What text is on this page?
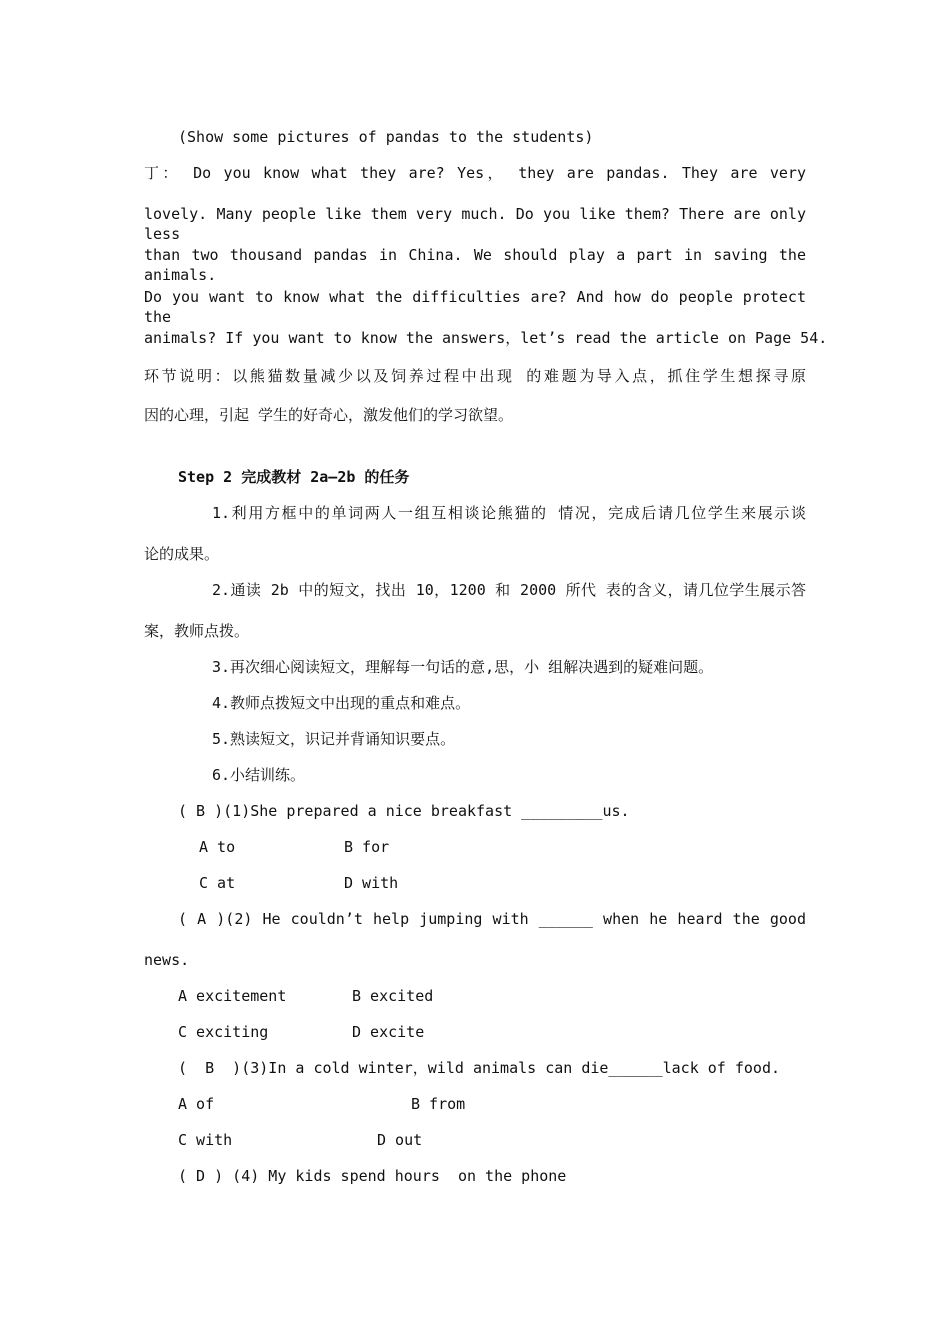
(Show some pictures of pandas to the students)
丁： Do you know what they are? Yes， they are pandas. They are very
lovely. Many people like them very much. Do you like them? There are only less
than two thousand pandas in China. We should play a part in saving the animals.
Do you want to know what the difficulties are? And how do people protect the
animals? If you want to know the answers，let’s read the article on Page 54.
环节说明：以熊猫数量减少以及饲养过程中出现 的难题为导入点，抓住学生想探寻原
因的心理，引起 学生的好奇心，激发他们的学习欲望。
Step 2 完成教材 2a—2b 的任务
1.利用方框中的单词两人一组互相谈论熊猫的 情况，完成后请几位学生来展示谈
论的成果。
2.通读 2b 中的短文，找出 10，1200 和 2000 所代 表的含义，请几位学生展示答
案，教师点拨。
3.再次细心阅读短文，理解每一句话的意,思，小 组解决遇到的疑难问题。
4.教师点拨短文中出现的重点和难点。
5.熟读短文，识记并背诵知识要点。
6.小结训练。
( B )(1)She prepared a nice breakfast _________us.
A to	B for
C at	D with
( A )(2) He couldn’t help jumping with ______ when he heard the good
news.
A excitement	B excited
C exciting	D excite
(  B  )(3)In a cold winter，wild animals can die______lack of food.
A of	B from
C with	D out
( D ) (4) My kids spend hours  on the phone
